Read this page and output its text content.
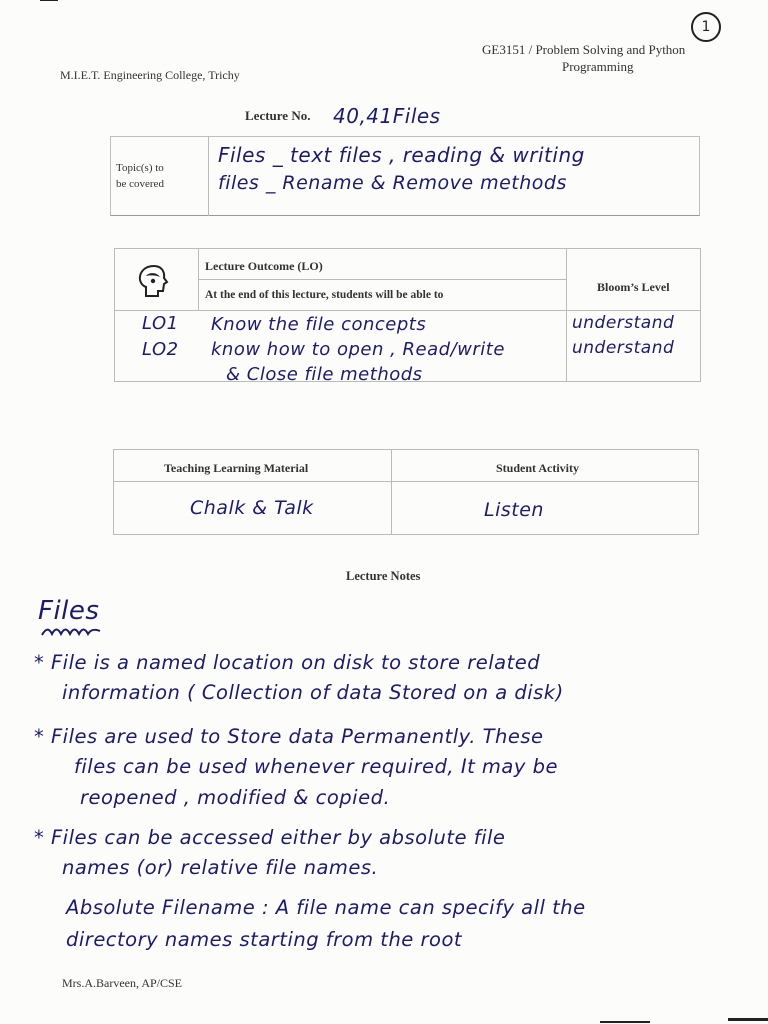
1
GE3151 / Problem Solving and Python
Programming
M.I.E.T. Engineering College, Trichy
Lecture No. 40,41Files
Topic(s) to
be covered
Files _ text files , reading & writing
files _ Rename & Remove methods
Lecture Outcome (LO)
At the end of this lecture, students will be able to
Bloom’s Level
LO1 Know the file concepts	understand
LO2 know how to open , Read/write	understand
& Close file methods
Teaching Learning Material	Student Activity
Chalk & Talk	Listen
Lecture Notes
Files
* File is a named location on disk to store related
information ( Collection of data Stored on a disk)
* Files are used to Store data Permanently. These
files can be used whenever required, It may be
reopened , modified & copied.
* Files can be accessed either by absolute file
names (or) relative file names.
Absolute Filename : A file name can specify all the
directory names starting from the root
Mrs.A.Barveen, AP/CSE
